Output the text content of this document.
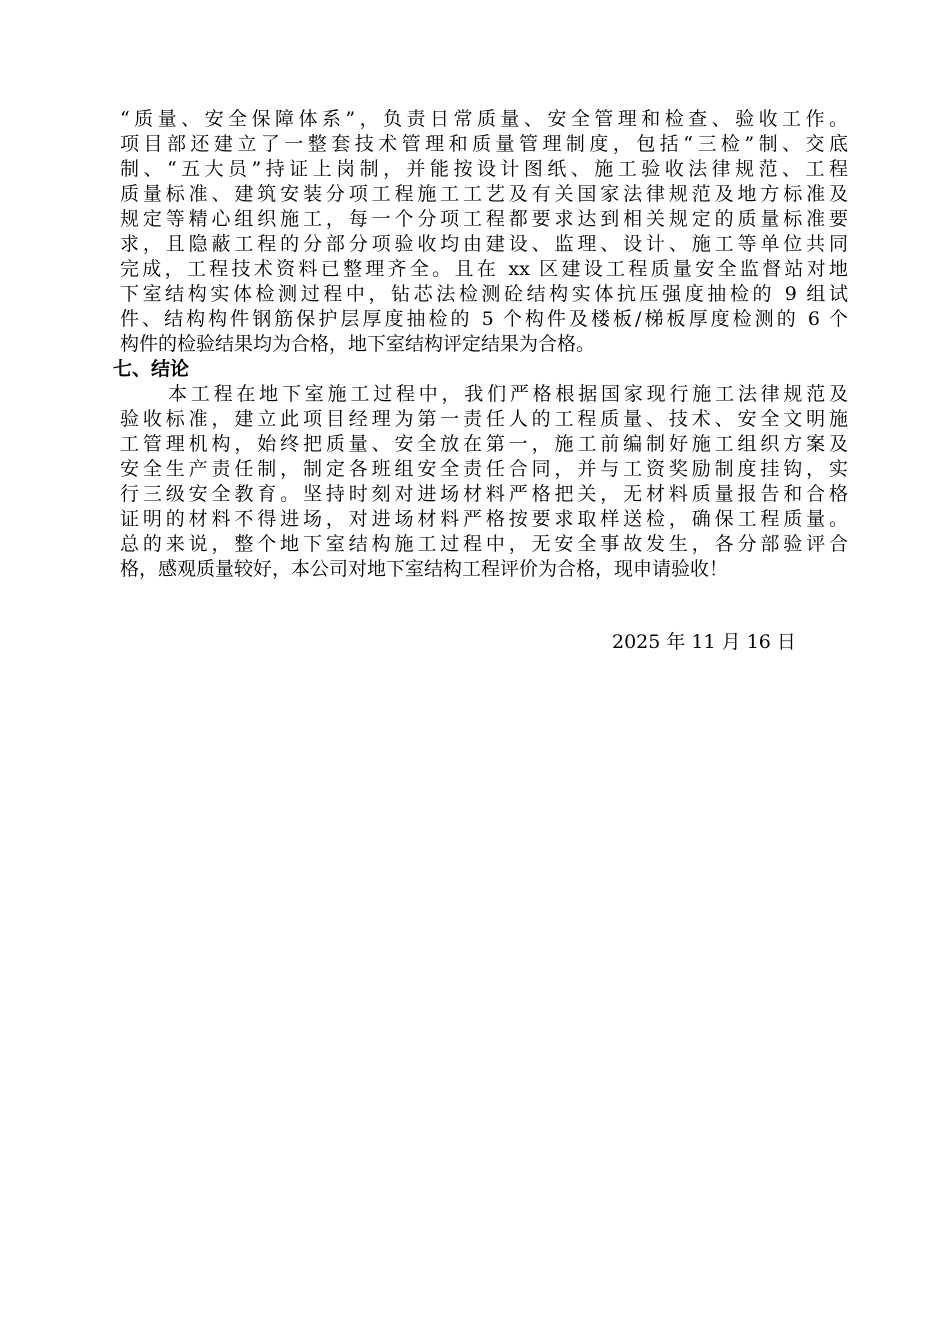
“质量、安全保障体系”，负责日常质量、安全管理和检查、验收工作。
项目部还建立了一整套技术管理和质量管理制度，包括“三检”制、交底
制、“五大员”持证上岗制，并能按设计图纸、施工验收法律规范、工程
质量标准、建筑安装分项工程施工工艺及有关国家法律规范及地方标准及
规定等精心组织施工，每一个分项工程都要求达到相关规定的质量标准要
求，且隐蔽工程的分部分项验收均由建设、监理、设计、施工等单位共同
完成，工程技术资料已整理齐全。且在 xx 区建设工程质量安全监督站对地
下室结构实体检测过程中，钻芯法检测砼结构实体抗压强度抽检的 9 组试
件、结构构件钢筋保护层厚度抽检的 5 个构件及楼板/梯板厚度检测的 6 个
构件的检验结果均为合格，地下室结构评定结果为合格。
七、结论
本工程在地下室施工过程中，我们严格根据国家现行施工法律规范及
验收标准，建立此项目经理为第一责任人的工程质量、技术、安全文明施
工管理机构，始终把质量、安全放在第一，施工前编制好施工组织方案及
安全生产责任制，制定各班组安全责任合同，并与工资奖励制度挂钩，实
行三级安全教育。坚持时刻对进场材料严格把关，无材料质量报告和合格
证明的材料不得进场，对进场材料严格按要求取样送检，确保工程质量。
总的来说，整个地下室结构施工过程中，无安全事故发生，各分部验评合
格，感观质量较好，本公司对地下室结构工程评价为合格，现申请验收！
2025 年 11 月 16 日
